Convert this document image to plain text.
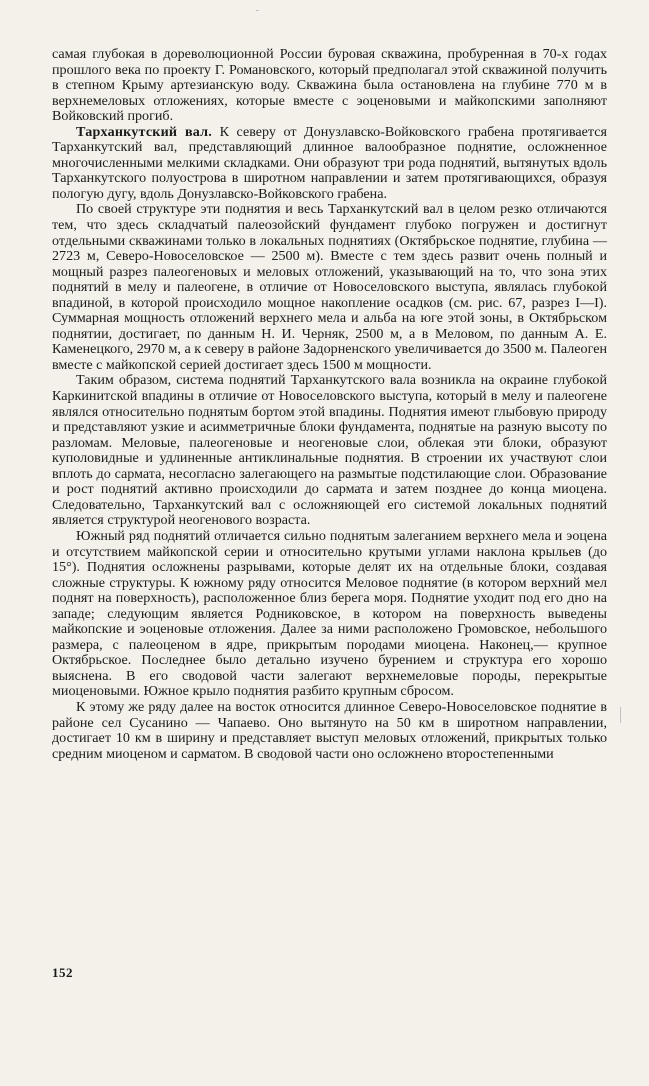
самая глубокая в дореволюционной России буровая скважина, пробуренная в 70-х годах прошлого века по проекту Г. Романовского, который предполагал этой скважиной получить в степном Крыму артезианскую воду. Скважина была остановлена на глубине 770 м в верхнемеловых отложениях, которые вместе с эоценовыми и майкопскими заполняют Войковский прогиб.

Тарханкутский вал. К северу от Донузлавско-Войковского грабена протягивается Тарханкутский вал, представляющий длинное валообразное поднятие, осложненное многочисленными мелкими складками. Они образуют три рода поднятий, вытянутых вдоль Тарханкутского полуострова в широтном направлении и затем протягивающихся, образуя пологую дугу, вдоль Донузлавско-Войковского грабена.

По своей структуре эти поднятия и весь Тарханкутский вал в целом резко отличаются тем, что здесь складчатый палеозойский фундамент глубоко погружен и достигнут отдельными скважинами только в локальных поднятиях (Октябрьское поднятие, глубина — 2723 м, Северо-Новоселовское — 2500 м). Вместе с тем здесь развит очень полный и мощный разрез палеогеновых и меловых отложений, указывающий на то, что зона этих поднятий в мелу и палеогене, в отличие от Новоселовского выступа, являлась глубокой впадиной, в которой происходило мощное накопление осадков (см. рис. 67, разрез I—I). Суммарная мощность отложений верхнего мела и альба на юге этой зоны, в Октябрьском поднятии, достигает, по данным Н. И. Черняк, 2500 м, а в Меловом, по данным А. Е. Каменецкого, 2970 м, а к северу в районе Задорненского увеличивается до 3500 м. Палеоген вместе с майкопской серией достигает здесь 1500 м мощности.

Таким образом, система поднятий Тарханкутского вала возникла на окраине глубокой Каркинитской впадины в отличие от Новоселовского выступа, который в мелу и палеогене являлся относительно поднятым бортом этой впадины. Поднятия имеют глыбовую природу и представляют узкие и асимметричные блоки фундамента, поднятые на разную высоту по разломам. Меловые, палеогеновые и неогеновые слои, облекая эти блоки, образуют куполовидные и удлиненные антиклинальные поднятия. В строении их участвуют слои вплоть до сармата, несогласно залегающего на размытые подстилающие слои. Образование и рост поднятий активно происходили до сармата и затем позднее до конца миоцена. Следовательно, Тарханкутский вал с осложняющей его системой локальных поднятий является структурой неогенового возраста.

Южный ряд поднятий отличается сильно поднятым залеганием верхнего мела и эоцена и отсутствием майкопской серии и относительно крутыми углами наклона крыльев (до 15°). Поднятия осложнены разрывами, которые делят их на отдельные блоки, создавая сложные структуры. К южному ряду относится Меловое поднятие (в котором верхний мел поднят на поверхность), расположенное близ берега моря. Поднятие уходит под его дно на западе; следующим является Родниковское, в котором на поверхность выведены майкопские и эоценовые отложения. Далее за ними расположено Громовское, небольшого размера, с палеоценом в ядре, прикрытым породами миоцена. Наконец,— крупное Октябрьское. Последнее было детально изучено бурением и структура его хорошо выяснена. В его сводовой части залегают верхнемеловые породы, перекрытые миоценовыми. Южное крыло поднятия разбито крупным сбросом.

К этому же ряду далее на восток относится длинное Северо-Новоселовское поднятие в районе сел Сусанино — Чапаево. Оно вытянуто на 50 км в широтном направлении, достигает 10 км в ширину и представляет выступ меловых отложений, прикрытых только средним миоценом и сарматом. В сводовой части оно осложнено второстепенными

152
